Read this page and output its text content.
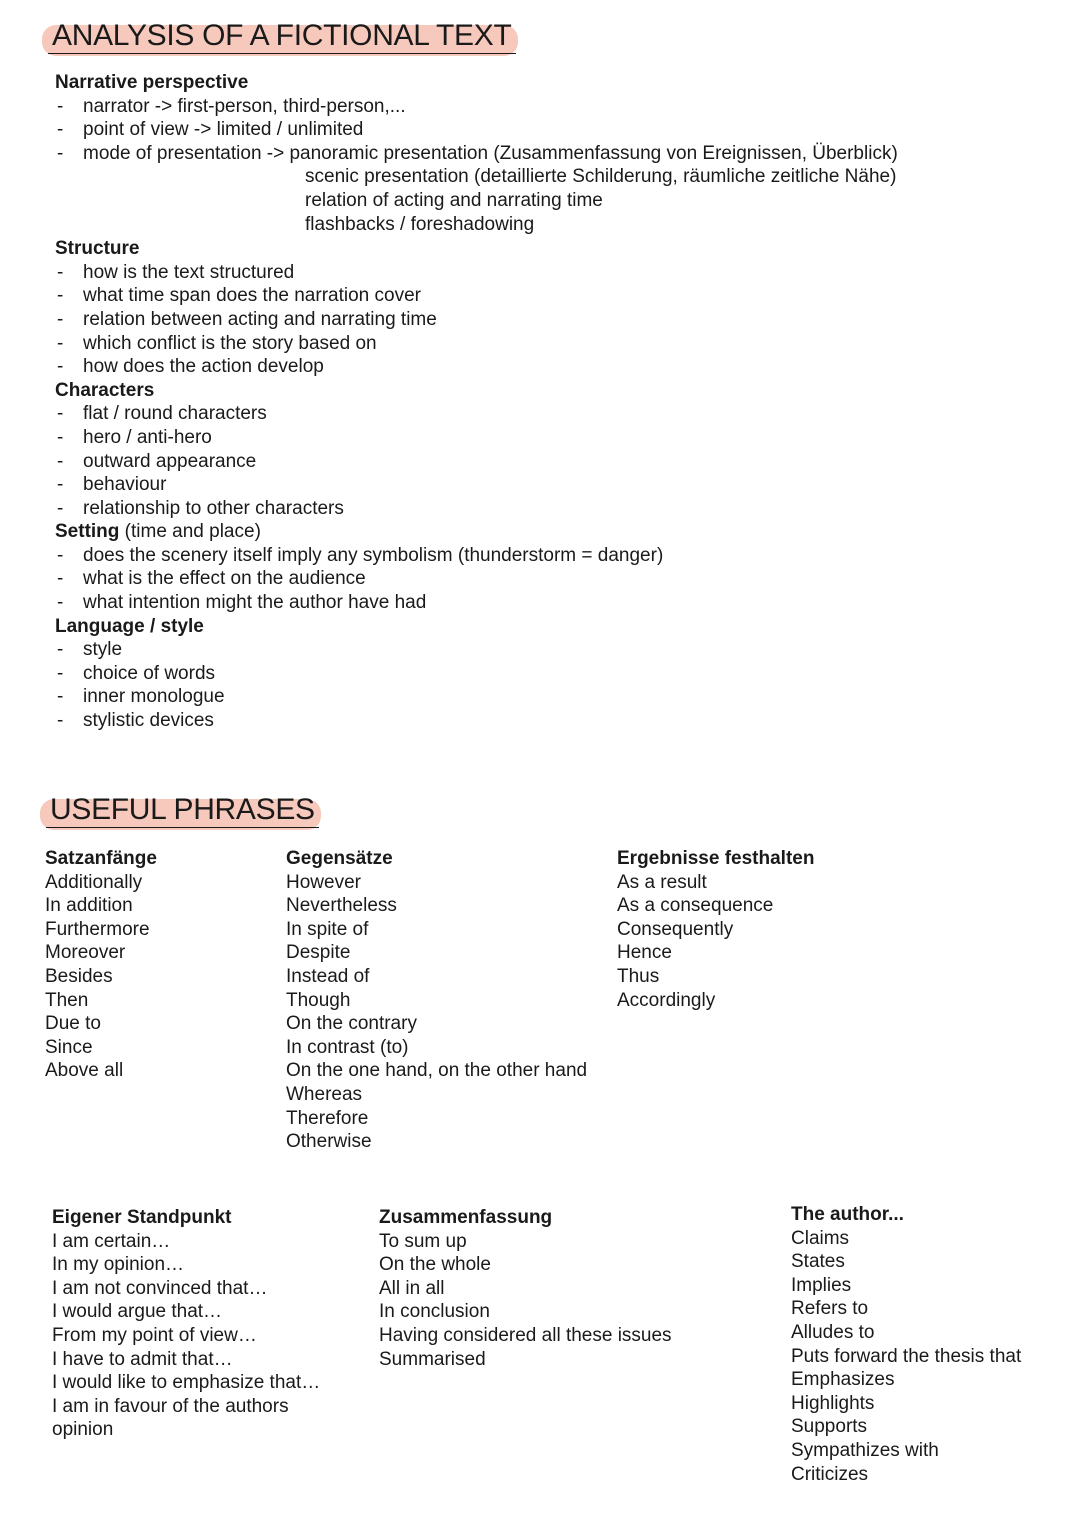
ANALYSIS OF A FICTIONAL TEXT
Narrative perspective
- narrator -> first-person, third-person,...
- point of view -> limited / unlimited
- mode of presentation -> panoramic presentation (Zusammenfassung von Ereignissen, Überblick)
scenic presentation (detaillierte Schilderung, räumliche zeitliche Nähe)
relation of acting and narrating time
flashbacks / foreshadowing
Structure
- how is the text structured
- what time span does the narration cover
- relation between acting and narrating time
- which conflict is the story based on
- how does the action develop
Characters
- flat / round characters
- hero / anti-hero
- outward appearance
- behaviour
- relationship to other characters
Setting (time and place)
- does the scenery itself imply any symbolism (thunderstorm = danger)
- what is the effect on the audience
- what intention might the author have had
Language / style
- style
- choice of words
- inner monologue
- stylistic devices
USEFUL PHRASES
Satzanfänge
Additionally
In addition
Furthermore
Moreover
Besides
Then
Due to
Since
Above all
Gegensätze
However
Nevertheless
In spite of
Despite
Instead of
Though
On the contrary
In contrast (to)
On the one hand, on the other hand
Whereas
Therefore
Otherwise
Ergebnisse festhalten
As a result
As a consequence
Consequently
Hence
Thus
Accordingly
Eigener Standpunkt
I am certain…
In my opinion…
I am not convinced that…
I would argue that…
From my point of view…
I have to admit that…
I would like to emphasize that…
I am in favour of the authors opinion
Zusammenfassung
To sum up
On the whole
All in all
In conclusion
Having considered all these issues
Summarised
The author...
Claims
States
Implies
Refers to
Alludes to
Puts forward the thesis that
Emphasizes
Highlights
Supports
Sympathizes with
Criticizes
